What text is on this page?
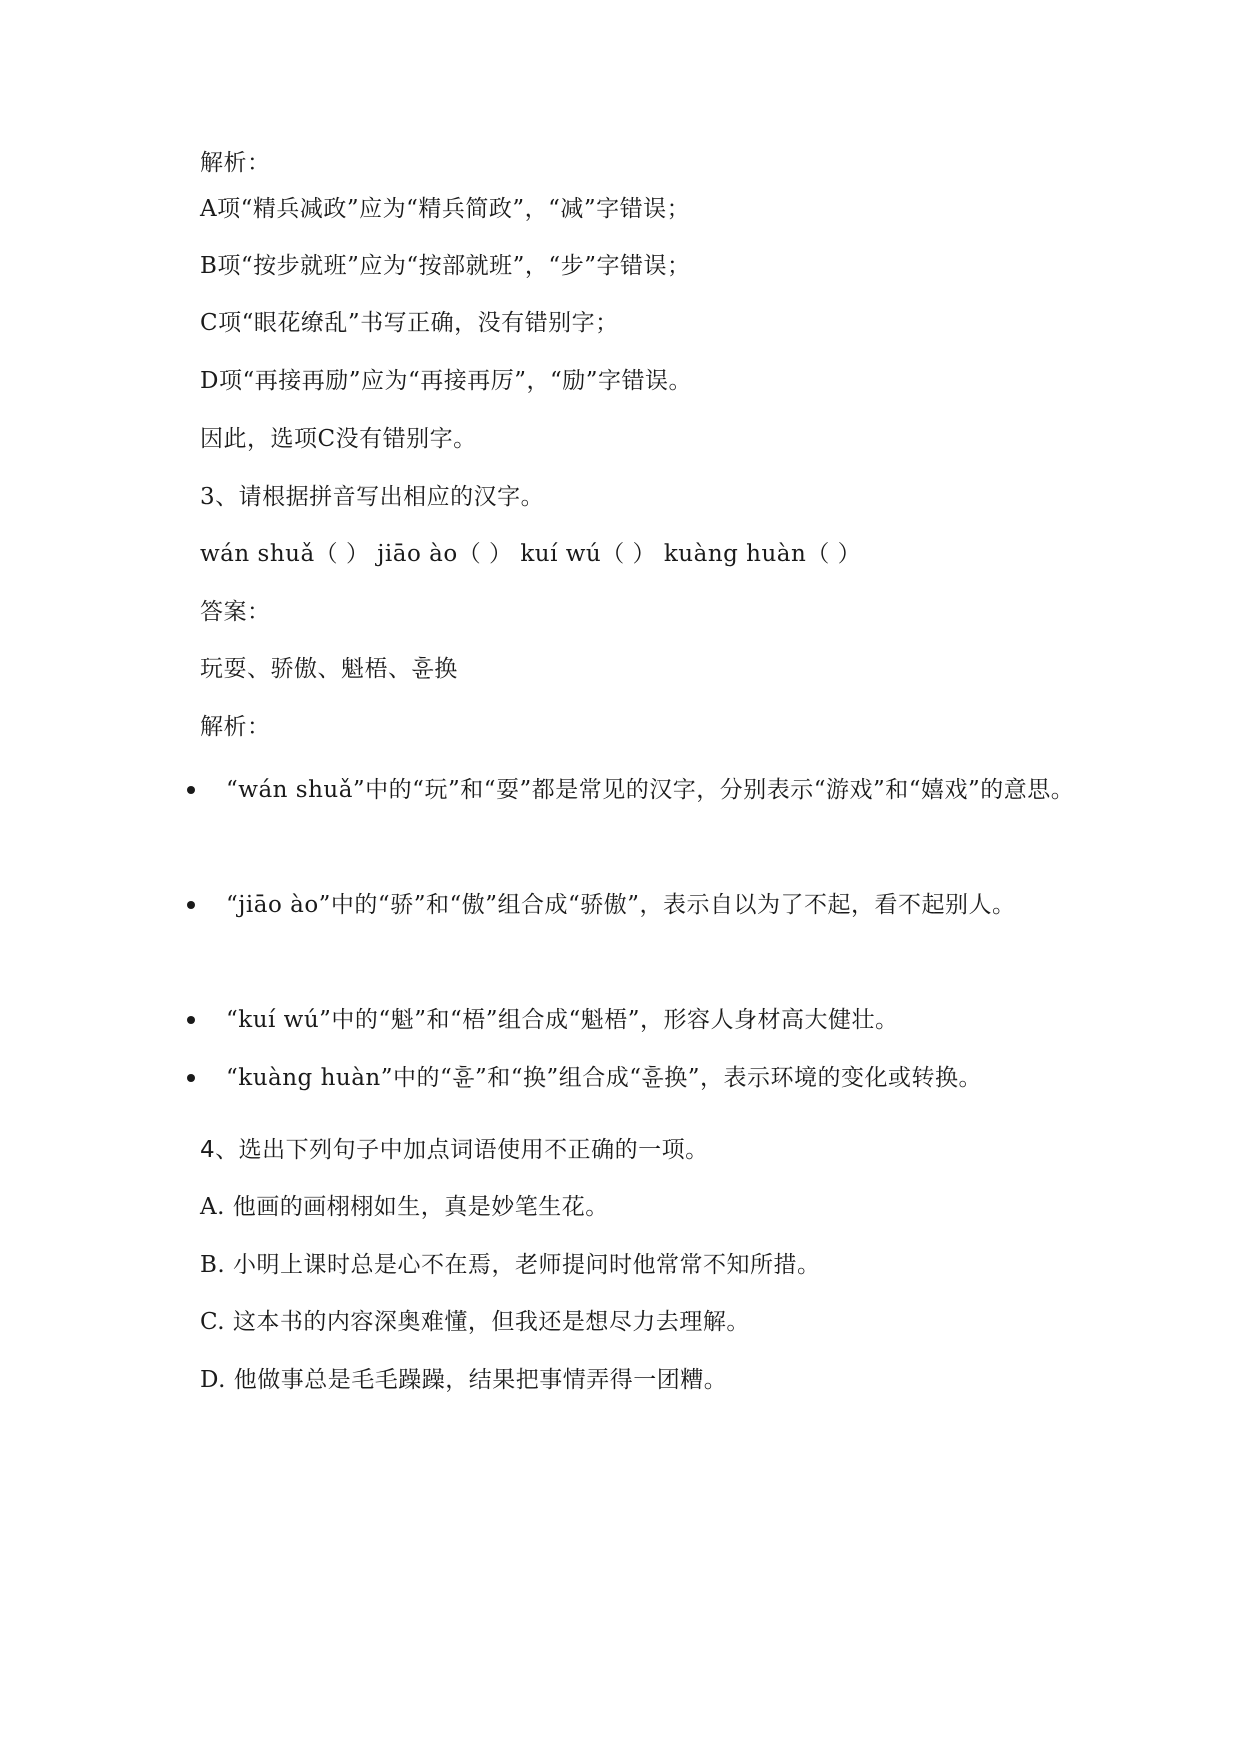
解析：
A项“精兵减政”应为“精兵简政”，“减”字错误；
B项“按步就班”应为“按部就班”，“步”字错误；
C项“眼花缭乱”书写正确，没有错别字；
D项“再接再励”应为“再接再厉”，“励”字错误。
因此，选项C没有错别字。
3、请根据拼音写出相应的汉字。
wán shuǎ（ ） jiāo ào（ ） kuí wú（ ） kuàng huàn（ ）
答案：
玩耍、骄傲、魁梧、휸换
解析：
“wán shuǎ”中的“玩”和“耍”都是常见的汉字，分别表示“游戏”和“嬉戏”的意思。
“jiāo ào”中的“骄”和“傲”组合成“骄傲”，表示自以为了不起，看不起别人。
“kuí wú”中的“魁”和“梧”组合成“魁梧”，形容人身材高大健壮。
“kuàng huàn”中的“휸”和“换”组合成“휸换”，表示环境的变化或转换。
4、选出下列句子中加点词语使用不正确的一项。
A. 他画的画栩栩如生，真是妙笔生花。
B. 小明上课时总是心不在焉，老师提问时他常常不知所措。
C. 这本书的内容深奥难懂，但我还是想尽力去理解。
D. 他做事总是毛毛躁躁，结果把事情弄得一团糟。
